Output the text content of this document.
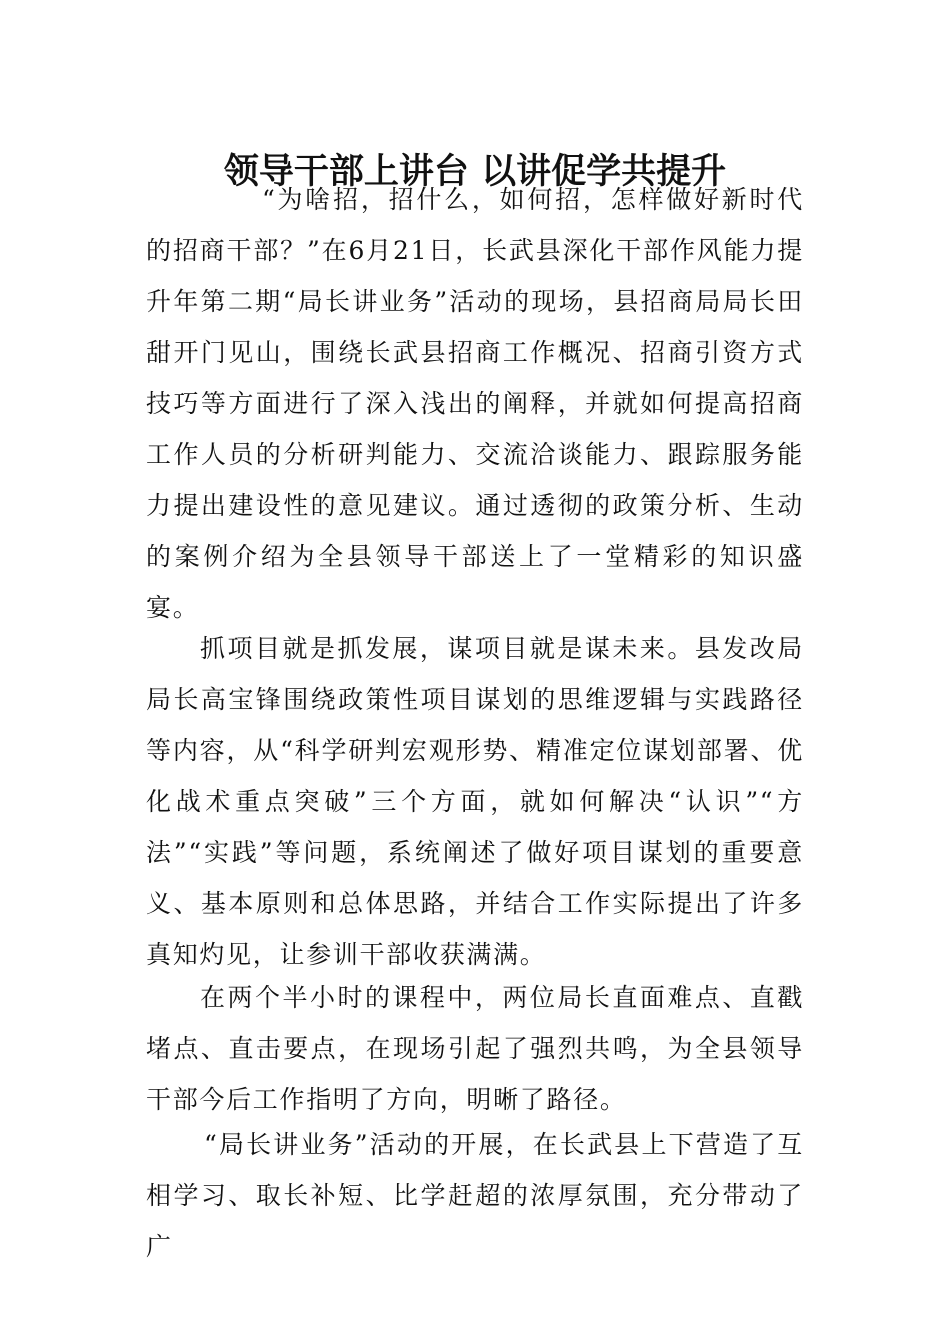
领导干部上讲台 以讲促学共提升

“为啥招，招什么，如何招，怎样做好新时代的招商干部？”在6月21日，长武县深化干部作风能力提升年第二期“局长讲业务”活动的现场，县招商局局长田甜开门见山，围绕长武县招商工作概况、招商引资方式技巧等方面进行了深入浅出的阐释，并就如何提高招商工作人员的分析研判能力、交流洽谈能力、跟踪服务能力提出建设性的意见建议。通过透彻的政策分析、生动的案例介绍为全县领导干部送上了一堂精彩的知识盛宴。

抓项目就是抓发展，谋项目就是谋未来。县发改局局长高宝锋围绕政策性项目谋划的思维逻辑与实践路径等内容，从“科学研判宏观形势、精准定位谋划部署、优化战术重点突破”三个方面，就如何解决“认识”“方法”“实践”等问题，系统阐述了做好项目谋划的重要意义、基本原则和总体思路，并结合工作实际提出了许多真知灼见，让参训干部收获满满。

在两个半小时的课程中，两位局长直面难点、直戳堵点、直击要点，在现场引起了强烈共鸣，为全县领导干部今后工作指明了方向，明晰了路径。

“局长讲业务”活动的开展，在长武县上下营造了互相学习、取长补短、比学赶超的浓厚氛围，充分带动了广
